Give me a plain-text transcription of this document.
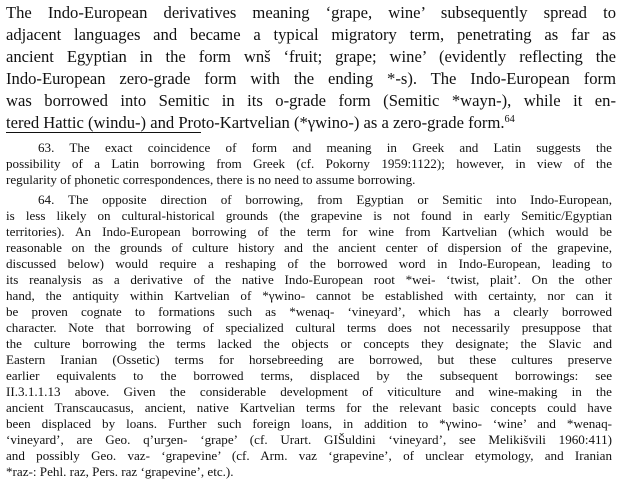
The Indo-European derivatives meaning ‘grape, wine’ subsequently spread to
adjacent languages and became a typical migratory term, penetrating as far as
ancient Egyptian in the form wnš ‘fruit; grape; wine’ (evidently reflecting the
Indo-European zero-grade form with the ending *-s). The Indo-European form
was borrowed into Semitic in its o-grade form (Semitic *wayn-), while it en-
tered Hattic (windu-) and Proto-Kartvelian (*γwino-) as a zero-grade form.$^{64}$
63. The exact coincidence of form and meaning in Greek and Latin suggests the
possibility of a Latin borrowing from Greek (cf. Pokorny 1959:1122); however, in view of the
regularity of phonetic correspondences, there is no need to assume borrowing.
64. The opposite direction of borrowing, from Egyptian or Semitic into Indo-European,
is less likely on cultural-historical grounds (the grapevine is not found in early Semitic/Egyptian
territories). An Indo-European borrowing of the term for wine from Kartvelian (which would be
reasonable on the grounds of culture history and the ancient center of dispersion of the grapevine,
discussed below) would require a reshaping of the borrowed word in Indo-European, leading to
its reanalysis as a derivative of the native Indo-European root *wei- ‘twist, plait’. On the other
hand, the antiquity within Kartvelian of *γwino- cannot be established with certainty, nor can it
be proven cognate to formations such as *wenaq- ‘vineyard’, which has a clearly borrowed
character. Note that borrowing of specialized cultural terms does not necessarily presuppose that
the culture borrowing the terms lacked the objects or concepts they designate; the Slavic and
Eastern Iranian (Ossetic) terms for horsebreeding are borrowed, but these cultures preserve
earlier equivalents to the borrowed terms, displaced by the subsequent borrowings: see
II.3.1.1.13 above. Given the considerable development of viticulture and wine-making in the
ancient Transcaucasus, ancient, native Kartvelian terms for the relevant basic concepts could have
been displaced by loans. Further such foreign loans, in addition to *γwino- ‘wine’ and *wenaq-
‘vineyard’, are Geo. q’urʒen- ‘grape’ (cf. Urart. GIŠuldini ‘vineyard’, see Melikišvili 1960:411)
and possibly Geo. vaz- ‘grapevine’ (cf. Arm. vaz ‘grapevine’, of unclear etymology, and Iranian
*raz-: Pehl. raz, Pers. raz ‘grapevine’, etc.).
